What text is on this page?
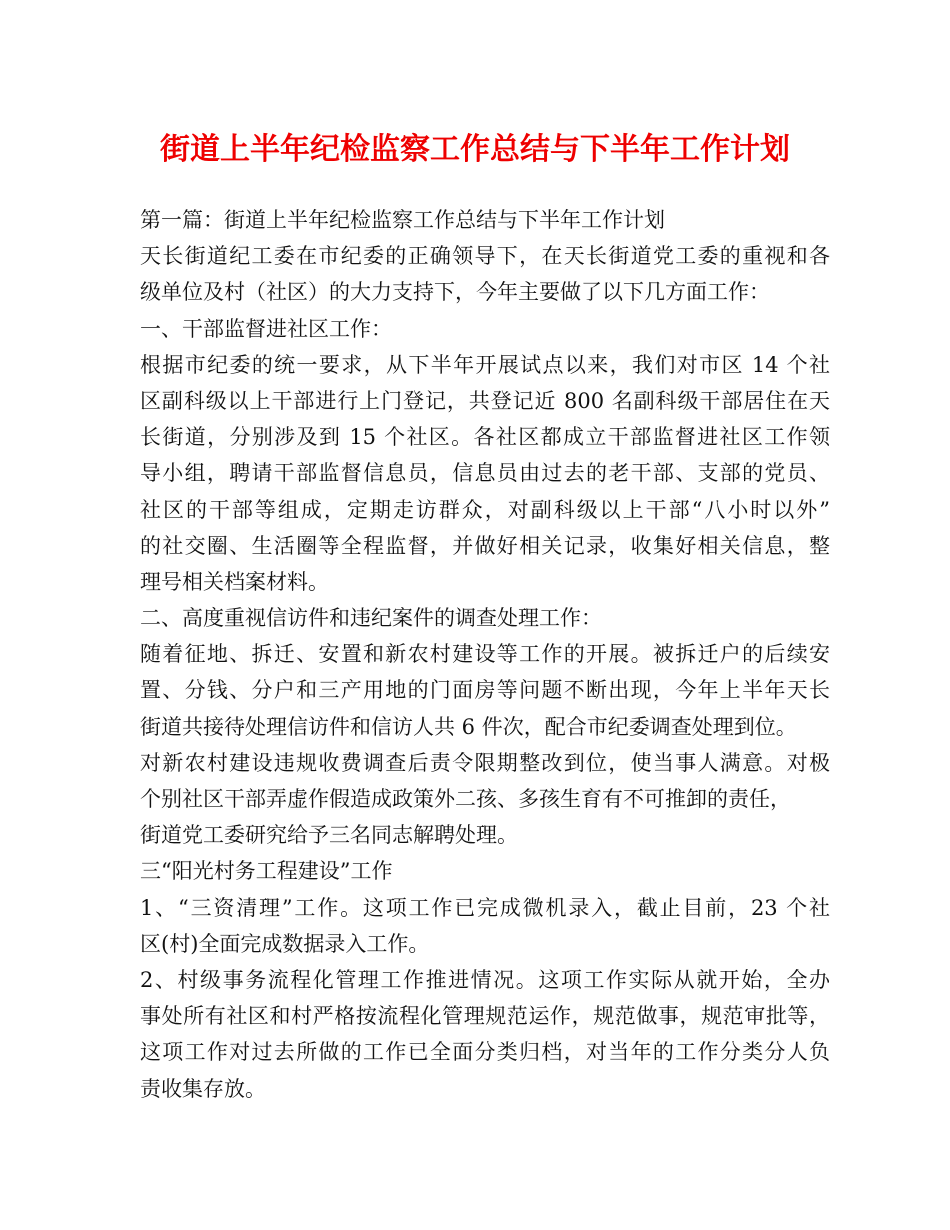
街道上半年纪检监察工作总结与下半年工作计划
第一篇：街道上半年纪检监察工作总结与下半年工作计划
天长街道纪工委在市纪委的正确领导下，在天长街道党工委的重视和各
级单位及村（社区）的大力支持下，今年主要做了以下几方面工作：
一、干部监督进社区工作：
根据市纪委的统一要求，从下半年开展试点以来，我们对市区 14 个社
区副科级以上干部进行上门登记，共登记近 800 名副科级干部居住在天
长街道，分别涉及到 15 个社区。各社区都成立干部监督进社区工作领
导小组，聘请干部监督信息员，信息员由过去的老干部、支部的党员、
社区的干部等组成，定期走访群众，对副科级以上干部“八小时以外”
的社交圈、生活圈等全程监督，并做好相关记录，收集好相关信息，整
理号相关档案材料。
二、高度重视信访件和违纪案件的调查处理工作：
随着征地、拆迁、安置和新农村建设等工作的开展。被拆迁户的后续安
置、分钱、分户和三产用地的门面房等问题不断出现，今年上半年天长
街道共接待处理信访件和信访人共 6 件次，配合市纪委调查处理到位。
对新农村建设违规收费调查后责令限期整改到位，使当事人满意。对极
个别社区干部弄虚作假造成政策外二孩、多孩生育有不可推卸的责任，
街道党工委研究给予三名同志解聘处理。
三“阳光村务工程建设”工作
1、“三资清理”工作。这项工作已完成微机录入，截止目前，23 个社
区(村)全面完成数据录入工作。
2、村级事务流程化管理工作推进情况。这项工作实际从就开始，全办
事处所有社区和村严格按流程化管理规范运作，规范做事，规范审批等，
这项工作对过去所做的工作已全面分类归档，对当年的工作分类分人负
责收集存放。
